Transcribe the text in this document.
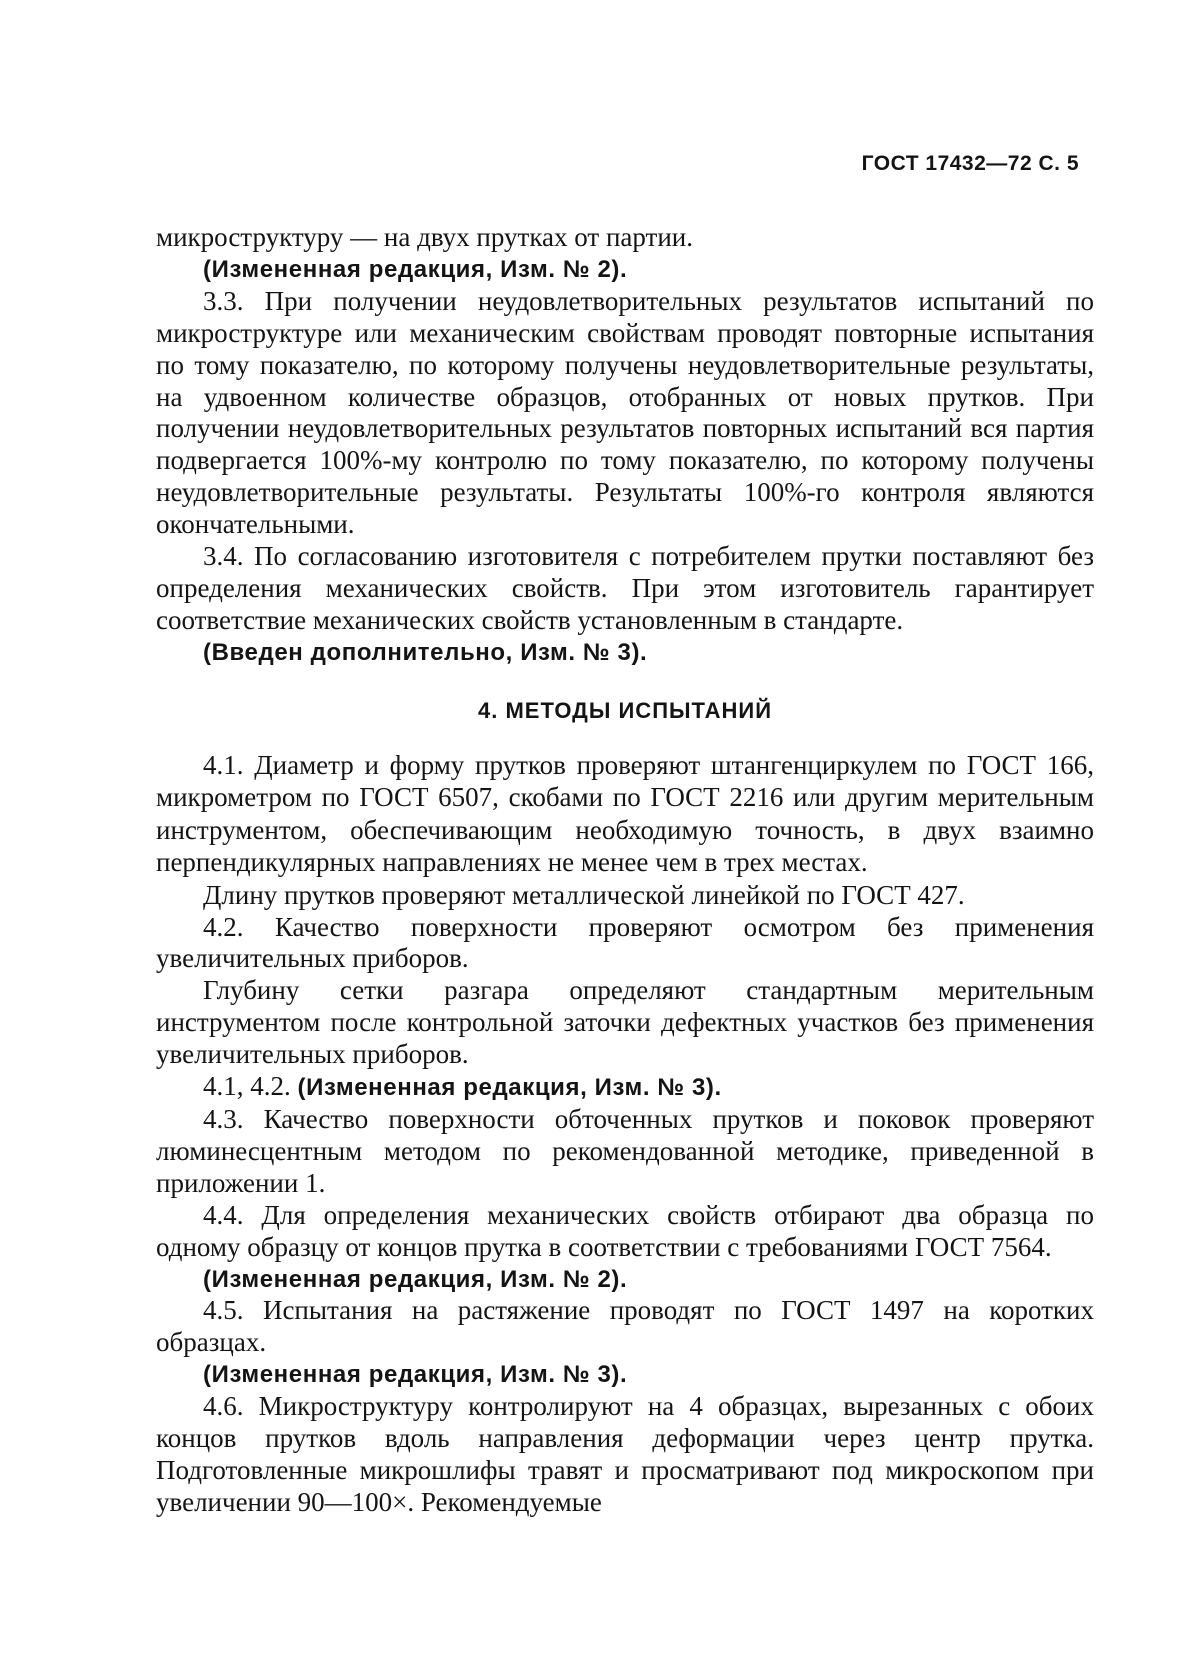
ГОСТ 17432—72 С. 5

микроструктуру — на двух прутках от партии.

(Измененная редакция, Изм. № 2).

3.3. При получении неудовлетворительных результатов испытаний по микроструктуре или механическим свойствам проводят повторные испытания по тому показателю, по которому получены неудовлетворительные результаты, на удвоенном количестве образцов, отобранных от новых прутков. При получении неудовлетворительных результатов повторных испытаний вся партия подвергается 100%-му контролю по тому показателю, по которому получены неудовлетворительные результаты. Результаты 100%-го контроля являются окончательными.

3.4. По согласованию изготовителя с потребителем прутки поставляют без определения механических свойств. При этом изготовитель гарантирует соответствие механических свойств установленным в стандарте.

(Введен дополнительно, Изм. № 3).

4. МЕТОДЫ ИСПЫТАНИЙ

4.1. Диаметр и форму прутков проверяют штангенциркулем по ГОСТ 166, микрометром по ГОСТ 6507, скобами по ГОСТ 2216 или другим мерительным инструментом, обеспечивающим необходимую точность, в двух взаимно перпендикулярных направлениях не менее чем в трех местах.

Длину прутков проверяют металлической линейкой по ГОСТ 427.

4.2. Качество поверхности проверяют осмотром без применения увеличительных приборов.

Глубину сетки разгара определяют стандартным мерительным инструментом после контрольной заточки дефектных участков без применения увеличительных приборов.

4.1, 4.2. (Измененная редакция, Изм. № 3).

4.3. Качество поверхности обточенных прутков и поковок проверяют люминесцентным методом по рекомендованной методике, приведенной в приложении 1.

4.4. Для определения механических свойств отбирают два образца по одному образцу от концов прутка в соответствии с требованиями ГОСТ 7564.

(Измененная редакция, Изм. № 2).

4.5. Испытания на растяжение проводят по ГОСТ 1497 на коротких образцах.

(Измененная редакция, Изм. № 3).

4.6. Микроструктуру контролируют на 4 образцах, вырезанных с обоих концов прутков вдоль направления деформации через центр прутка. Подготовленные микрошлифы травят и просматривают под микроскопом при увеличении 90—100×. Рекомендуемые
